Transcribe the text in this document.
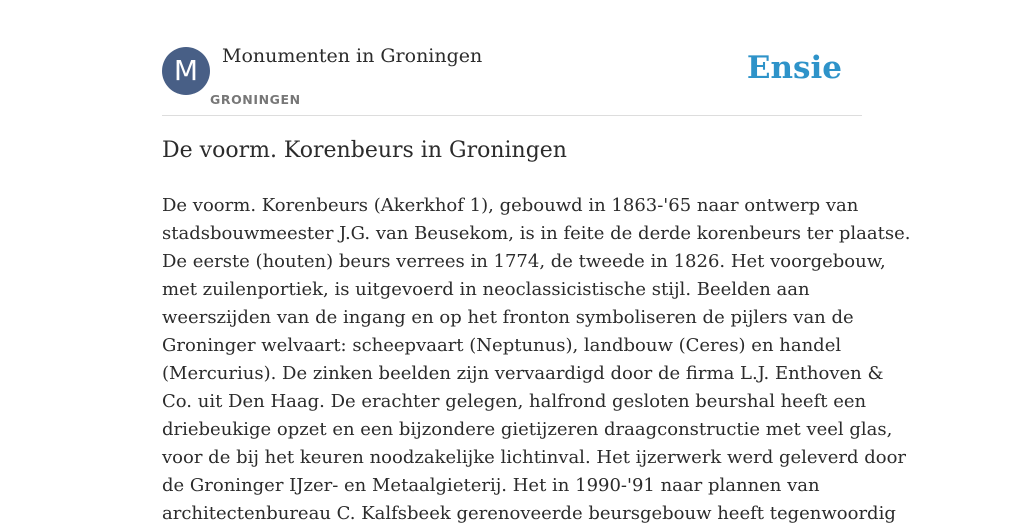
M	Monumenten in Groningen
GRONINGEN
Ensie
De voorm. Korenbeurs in Groningen

De voorm. Korenbeurs (Akerkhof 1), gebouwd in 1863-'65 naar ontwerp van
stadsbouwmeester J.G. van Beusekom, is in feite de derde korenbeurs ter plaatse.
De eerste (houten) beurs verrees in 1774, de tweede in 1826. Het voorgebouw,
met zuilenportiek, is uitgevoerd in neoclassicistische stijl. Beelden aan
weerszijden van de ingang en op het fronton symboliseren de pijlers van de
Groninger welvaart: scheepvaart (Neptunus), landbouw (Ceres) en handel
(Mercurius). De zinken beelden zijn vervaardigd door de firma L.J. Enthoven &
Co. uit Den Haag. De erachter gelegen, halfrond gesloten beurshal heeft een
driebeukige opzet en een bijzondere gietijzeren draagconstructie met veel glas,
voor de bij het keuren noodzakelijke lichtinval. Het ijzerwerk werd geleverd door
de Groninger IJzer- en Metaalgieterij. Het in 1990-'91 naar plannen van
architectenbureau C. Kalfsbeek gerenoveerde beursgebouw heeft tegenwoordig
